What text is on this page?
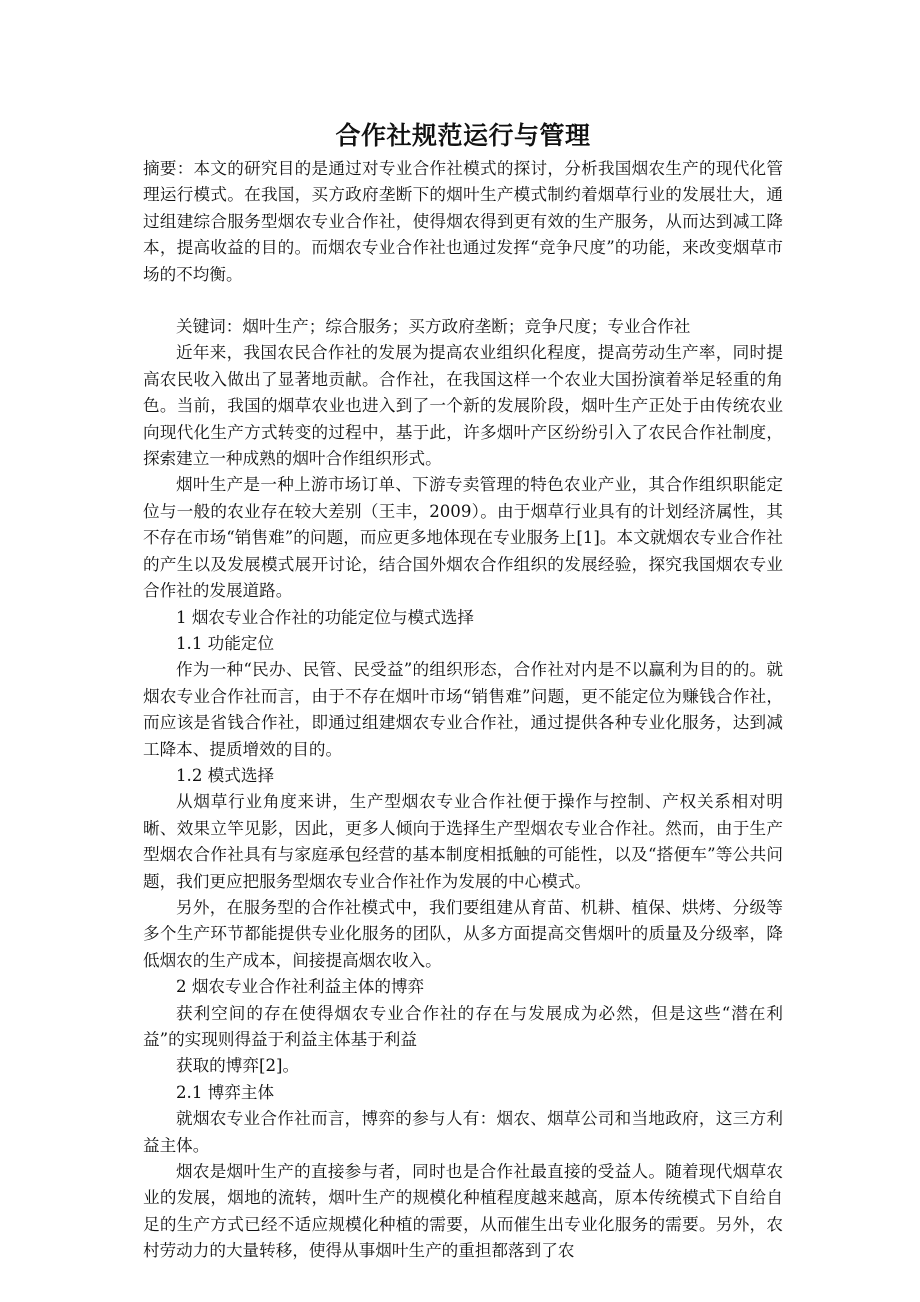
合作社规范运行与管理

摘要：本文的研究目的是通过对专业合作社模式的探讨，分析我国烟农生产的现代化管理运行模式。在我国，买方政府垄断下的烟叶生产模式制约着烟草行业的发展壮大，通过组建综合服务型烟农专业合作社，使得烟农得到更有效的生产服务，从而达到减工降本，提高收益的目的。而烟农专业合作社也通过发挥“竞争尺度”的功能，来改变烟草市场的不均衡。

关键词：烟叶生产；综合服务；买方政府垄断；竞争尺度；专业合作社

近年来，我国农民合作社的发展为提高农业组织化程度，提高劳动生产率，同时提高农民收入做出了显著地贡献。合作社，在我国这样一个农业大国扮演着举足轻重的角色。当前，我国的烟草农业也进入到了一个新的发展阶段，烟叶生产正处于由传统农业向现代化生产方式转变的过程中，基于此，许多烟叶产区纷纷引入了农民合作社制度，探索建立一种成熟的烟叶合作组织形式。

烟叶生产是一种上游市场订单、下游专卖管理的特色农业产业，其合作组织职能定位与一般的农业存在较大差别（王丰，2009）。由于烟草行业具有的计划经济属性，其不存在市场“销售难”的问题，而应更多地体现在专业服务上[1]。本文就烟农专业合作社的产生以及发展模式展开讨论，结合国外烟农合作组织的发展经验，探究我国烟农专业合作社的发展道路。

1 烟农专业合作社的功能定位与模式选择

1.1 功能定位

作为一种“民办、民管、民受益”的组织形态，合作社对内是不以赢利为目的的。就烟农专业合作社而言，由于不存在烟叶市场“销售难”问题，更不能定位为赚钱合作社，而应该是省钱合作社，即通过组建烟农专业合作社，通过提供各种专业化服务，达到减工降本、提质增效的目的。

1.2 模式选择

从烟草行业角度来讲，生产型烟农专业合作社便于操作与控制、产权关系相对明晰、效果立竿见影，因此，更多人倾向于选择生产型烟农专业合作社。然而，由于生产型烟农合作社具有与家庭承包经营的基本制度相抵触的可能性，以及“搭便车”等公共问题，我们更应把服务型烟农专业合作社作为发展的中心模式。

另外，在服务型的合作社模式中，我们要组建从育苗、机耕、植保、烘烤、分级等多个生产环节都能提供专业化服务的团队，从多方面提高交售烟叶的质量及分级率，降低烟农的生产成本，间接提高烟农收入。

2 烟农专业合作社利益主体的博弈

获利空间的存在使得烟农专业合作社的存在与发展成为必然，但是这些“潜在利益”的实现则得益于利益主体基于利益

获取的博弈[2]。

2.1 博弈主体

就烟农专业合作社而言，博弈的参与人有：烟农、烟草公司和当地政府，这三方利益主体。

烟农是烟叶生产的直接参与者，同时也是合作社最直接的受益人。随着现代烟草农业的发展，烟地的流转，烟叶生产的规模化种植程度越来越高，原本传统模式下自给自足的生产方式已经不适应规模化种植的需要，从而催生出专业化服务的需要。另外，农村劳动力的大量转移，使得从事烟叶生产的重担都落到了农
